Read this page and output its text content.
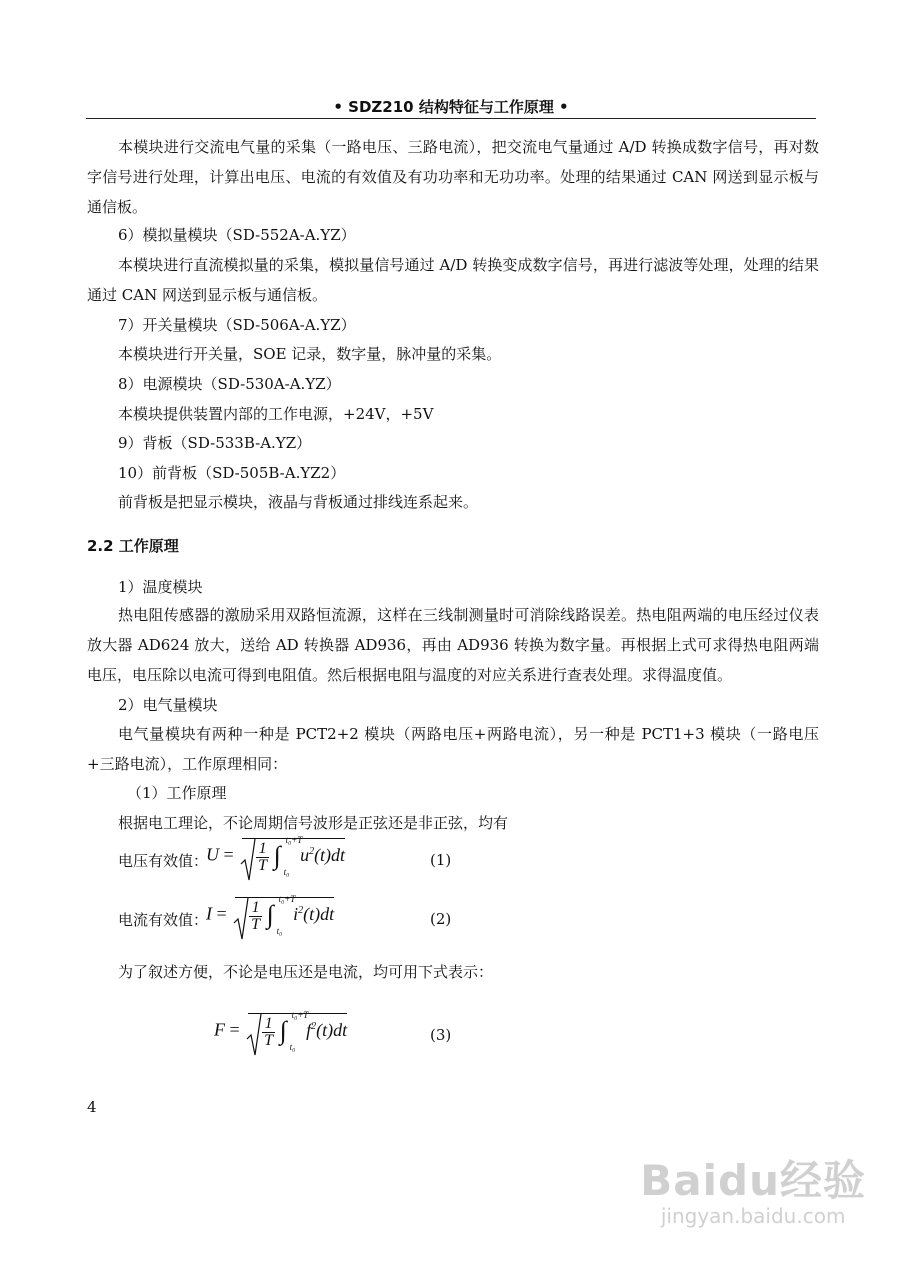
• SDZ210 结构特征与工作原理 •
本模块进行交流电气量的采集（一路电压、三路电流），把交流电气量通过 A/D 转换成数字信号，再对数字信号进行处理，计算出电压、电流的有效值及有功功率和无功功率。处理的结果通过 CAN 网送到显示板与通信板。
6）模拟量模块（SD-552A-A.YZ）
本模块进行直流模拟量的采集，模拟量信号通过 A/D 转换变成数字信号，再进行滤波等处理，处理的结果通过 CAN 网送到显示板与通信板。
7）开关量模块（SD-506A-A.YZ）
本模块进行开关量，SOE 记录，数字量，脉冲量的采集。
8）电源模块（SD-530A-A.YZ）
本模块提供装置内部的工作电源，+24V，+5V
9）背板（SD-533B-A.YZ）
10）前背板（SD-505B-A.YZ2）
前背板是把显示模块，液晶与背板通过排线连系起来。
2.2 工作原理
1）温度模块
热电阻传感器的激励采用双路恒流源，这样在三线制测量时可消除线路误差。热电阻两端的电压经过仪表放大器 AD624 放大，送给 AD 转换器 AD936，再由 AD936 转换为数字量。再根据上式可求得热电阻两端电压，电压除以电流可得到电阻值。然后根据电阻与温度的对应关系进行查表处理。求得温度值。
2）电气量模块
电气量模块有两种一种是 PCT2+2 模块（两路电压+两路电流），另一种是 PCT1+3 模块（一路电压+三路电流），工作原理相同：
（1）工作原理
根据电工理论，不论周期信号波形是正弦还是非正弦，均有
电压有效值：
$U = \frac{1}{T}$
∫
t₀+T
t₀
$u^2(t)dt$	(1)
电流有效值：
$I = \frac{1}{T}$
∫
t₀+T
t₀
$i^2(t)dt$	(2)
为了叙述方便，不论是电压还是电流，均可用下式表示：
$F = \frac{1}{T}$
∫
t₀+T
t₀
$f^2(t)dt$	(3)
4
Baidu经验
jingyan.baidu.com
